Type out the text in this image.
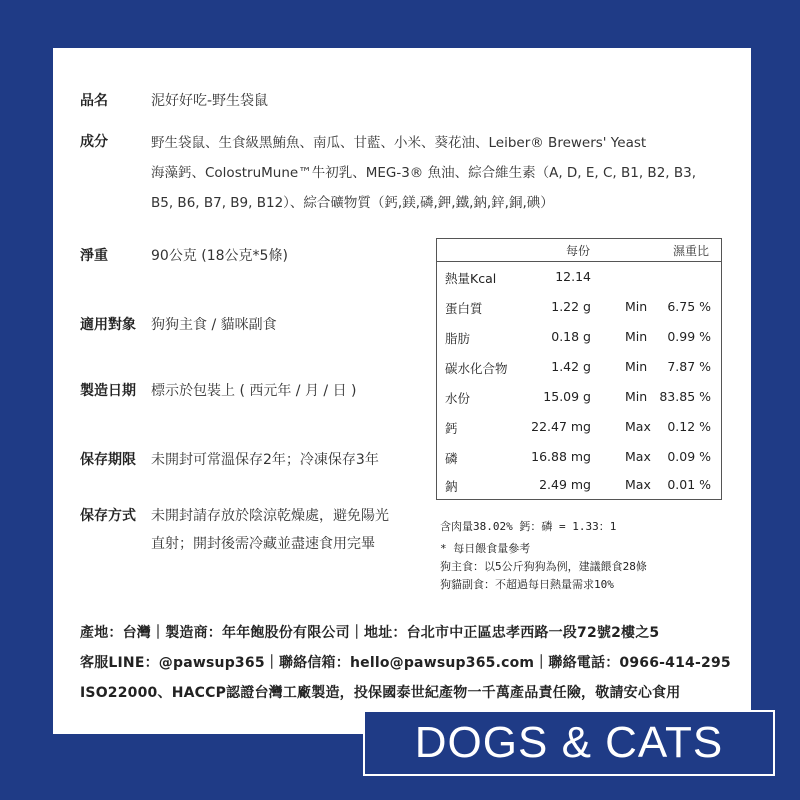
品名	泥好好吃-野生袋鼠
成分	野生袋鼠、生食級黑鮪魚、南瓜、甘藍、小米、葵花油、Leiber® Brewers' Yeast
海藻鈣、ColostruMune™牛初乳、MEG-3® 魚油、綜合維生素（A, D, E, C, B1, B2, B3,
B5, B6, B7, B9, B12）、綜合礦物質（鈣,鎂,磷,鉀,鐵,鈉,鋅,銅,碘）
淨重	90公克 (18公克*5條)
適用對象 狗狗主食 / 貓咪副食
製造日期 標示於包裝上 ( 西元年 / 月 / 日 )
保存期限 未開封可常溫保存2年；冷凍保存3年
保存方式 未開封請存放於陰涼乾燥處，避免陽光
直射；開封後需冷藏並盡速食用完畢
每份	濕重比
熱量Kcal	12.14
蛋白質	1.22 g	Min 6.75 %
脂肪	0.18 g	Min 0.99 %
碳水化合物	1.42 g	Min 7.87 %
水份	15.09 g	Min 83.85 %
鈣	22.47 mg	Max 0.12 %
磷	16.88 mg	Max 0.09 %
鈉	2.49 mg	Max 0.01 %
含肉量38.02% 鈣：磷 = 1.33：1
* 每日餵食量參考
狗主食：以5公斤狗狗為例，建議餵食28條
狗貓副食：不超過每日熱量需求10%
產地：台灣｜製造商：年年飽股份有限公司｜地址：台北市中正區忠孝西路一段72號2樓之5
客服LINE：@pawsup365｜聯絡信箱：hello@pawsup365.com｜聯絡電話：0966-414-295
ISO22000、HACCP認證台灣工廠製造，投保國泰世紀產物一千萬產品責任險，敬請安心食用
DOGS & CATS
